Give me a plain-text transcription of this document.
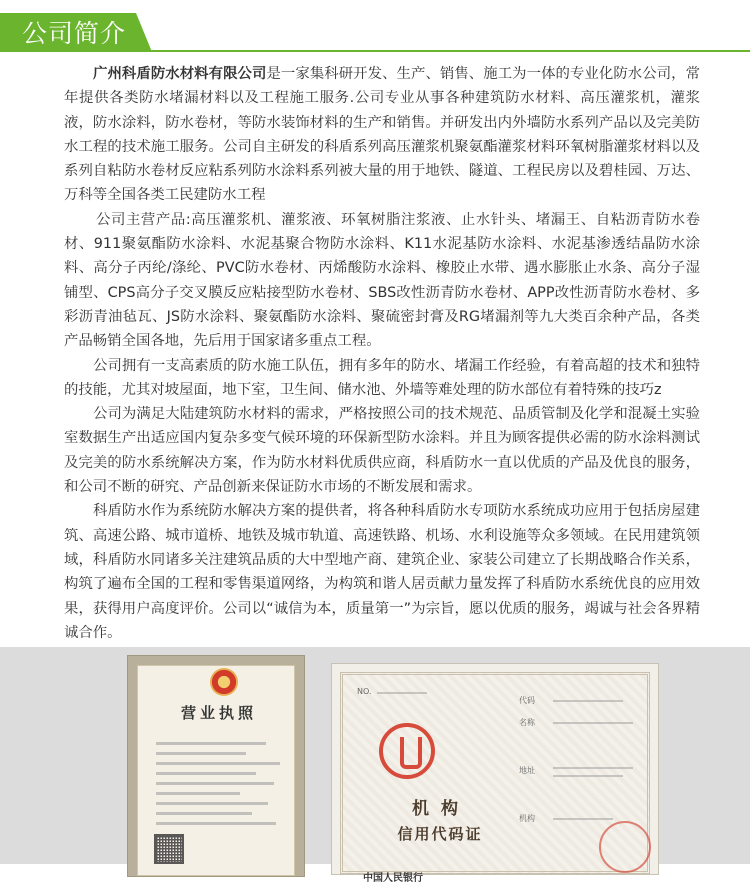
公司简介

广州科盾防水材料有限公司是一家集科研开发、生产、销售、施工为一体的专业化防水公司，常年提供各类防水堵漏材料以及工程施工服务.公司专业从事各种建筑防水材料、高压灌浆机，灌浆液，防水涂料，防水卷材，等防水装饰材料的生产和销售。并研发出内外墙防水系列产品以及完美防水工程的技术施工服务。公司自主研发的科盾系列高压灌浆机聚氨酯灌浆材料环氧树脂灌浆材料以及系列自粘防水卷材反应粘系列防水涂料系列被大量的用于地铁、隧道、工程民房以及碧桂园、万达、万科等全国各类工民建防水工程

公司主营产品:高压灌浆机、灌浆液、环氧树脂注浆液、止水针头、堵漏王、自粘沥青防水卷材、911聚氨酯防水涂料、水泥基聚合物防水涂料、K11水泥基防水涂料、水泥基渗透结晶防水涂料、高分子丙纶/涤纶、PVC防水卷材、丙烯酸防水涂料、橡胶止水带、遇水膨胀止水条、高分子湿铺型、CPS高分子交叉膜反应粘接型防水卷材、SBS改性沥青防水卷材、APP改性沥青防水卷材、多彩沥青油毡瓦、JS防水涂料、聚氨酯防水涂料、聚硫密封膏及RG堵漏剂等九大类百余种产品，各类产品畅销全国各地，先后用于国家诸多重点工程。

公司拥有一支高素质的防水施工队伍，拥有多年的防水、堵漏工作经验，有着高超的技术和独特的技能，尤其对坡屋面，地下室，卫生间、储水池、外墙等难处理的防水部位有着特殊的技巧z

公司为满足大陆建筑防水材料的需求，严格按照公司的技术规范、品质管制及化学和混凝土实验室数据生产出适应国内复杂多变气候环境的环保新型防水涂料。并且为顾客提供必需的防水涂料测试及完美的防水系统解决方案，作为防水材料优质供应商，科盾防水一直以优质的产品及优良的服务，和公司不断的研究、产品创新来保证防水市场的不断发展和需求。

科盾防水作为系统防水解决方案的提供者，将各种科盾防水专项防水系统成功应用于包括房屋建筑、高速公路、城市道桥、地铁及城市轨道、高速铁路、机场、水利设施等众多领域。在民用建筑领域，科盾防水同诸多关注建筑品质的大中型地产商、建筑企业、家装公司建立了长期战略合作关系，构筑了遍布全国的工程和零售渠道网络，为构筑和谐人居贡献力量发挥了科盾防水系统优良的应用效果，获得用户高度评价。公司以“诚信为本，质量第一”为宗旨，愿以优质的服务，竭诚与社会各界精诚合作。

营业执照
NO.
机构
信用代码证
代码
名称
地址
机构
中国人民银行
